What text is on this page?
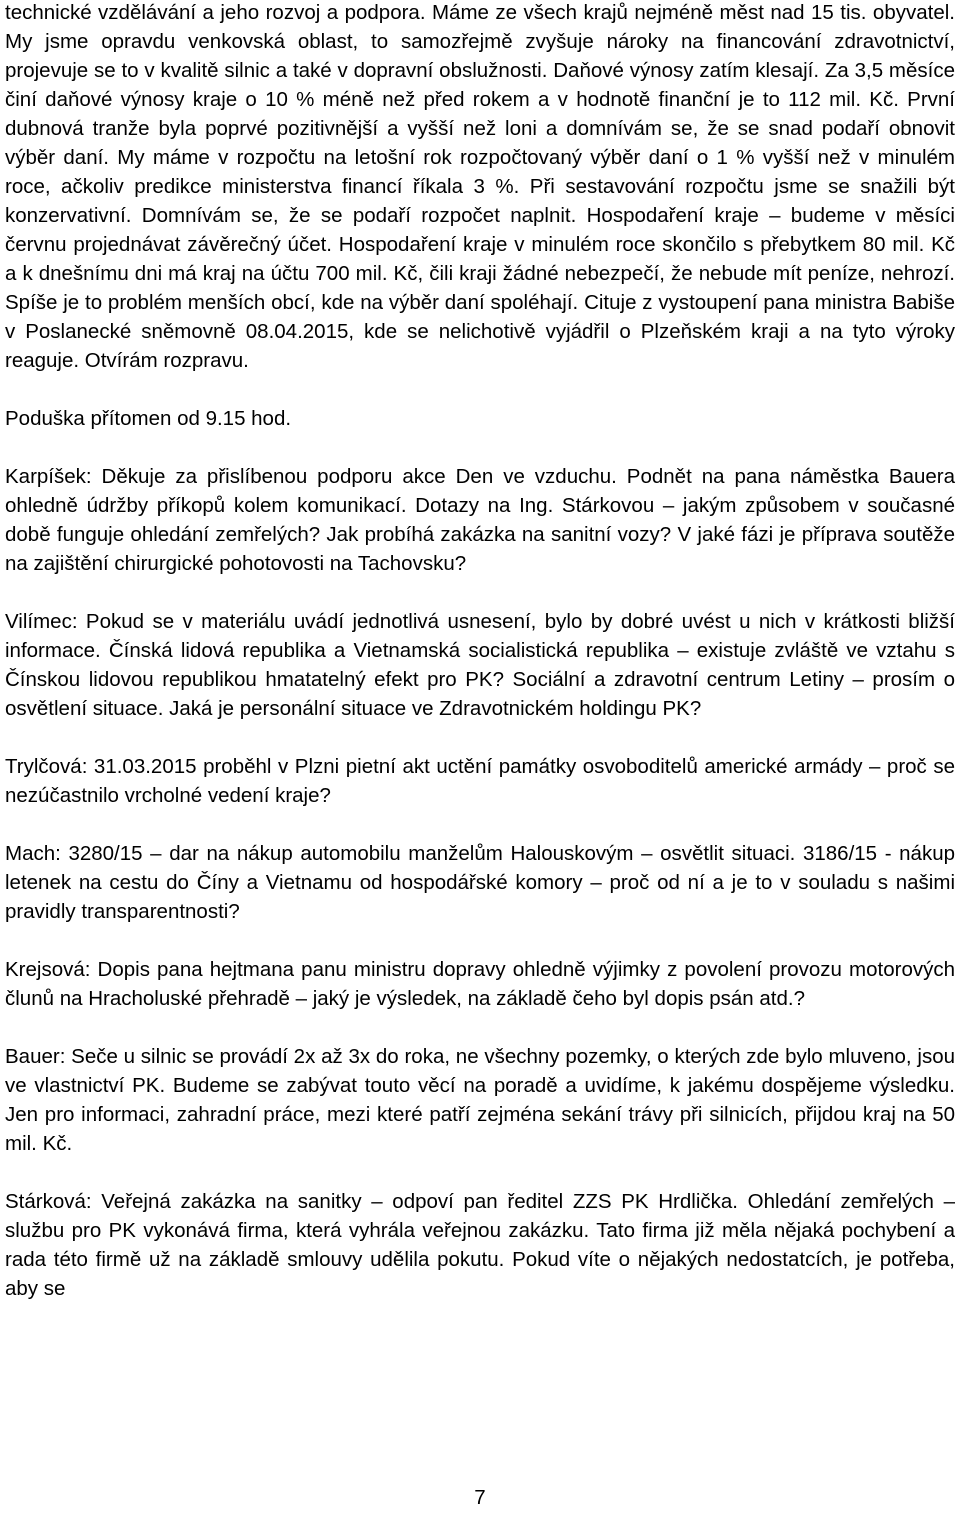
technické vzdělávání a jeho rozvoj a podpora. Máme ze všech krajů nejméně měst nad 15 tis. obyvatel. My jsme opravdu venkovská oblast, to samozřejmě zvyšuje nároky na financování zdravotnictví, projevuje se to v kvalitě silnic a také v dopravní obslužnosti. Daňové výnosy zatím klesají. Za 3,5 měsíce činí daňové výnosy kraje o 10 % méně než před rokem a v hodnotě finanční je to 112 mil. Kč. První dubnová tranže byla poprvé pozitivnější a vyšší než loni a domnívám se, že se snad podaří obnovit výběr daní. My máme v rozpočtu na letošní rok rozpočtovaný výběr daní o 1 % vyšší než v minulém roce, ačkoliv predikce ministerstva financí říkala 3 %. Při sestavování rozpočtu jsme se snažili být konzervativní. Domnívám se, že se podaří rozpočet naplnit. Hospodaření kraje – budeme v měsíci červnu projednávat závěrečný účet. Hospodaření kraje v minulém roce skončilo s přebytkem 80 mil. Kč a k dnešnímu dni má kraj na účtu 700 mil. Kč, čili kraji žádné nebezpečí, že nebude mít peníze, nehrozí. Spíše je to problém menších obcí, kde na výběr daní spoléhají. Cituje z vystoupení pana ministra Babiše v Poslanecké sněmovně 08.04.2015, kde se nelichotivě vyjádřil o Plzeňském kraji a na tyto výroky reaguje. Otvírám rozpravu.

Poduška přítomen od 9.15 hod.

Karpíšek: Děkuje za přislíbenou podporu akce Den ve vzduchu. Podnět na pana náměstka Bauera ohledně údržby příkopů kolem komunikací. Dotazy na Ing. Stárkovou – jakým způsobem v současné době funguje ohledání zemřelých? Jak probíhá zakázka na sanitní vozy? V jaké fázi je příprava soutěže na zajištění chirurgické pohotovosti na Tachovsku?

Vilímec: Pokud se v materiálu uvádí jednotlivá usnesení, bylo by dobré uvést u nich v krátkosti bližší informace. Čínská lidová republika a Vietnamská socialistická republika – existuje zvláště ve vztahu s Čínskou lidovou republikou hmatatelný efekt pro PK? Sociální a zdravotní centrum Letiny – prosím o osvětlení situace. Jaká je personální situace ve Zdravotnickém holdingu PK?

Trylčová: 31.03.2015 proběhl v Plzni pietní akt uctění památky osvoboditelů americké armády – proč se nezúčastnilo vrcholné vedení kraje?

Mach: 3280/15 – dar na nákup automobilu manželům Halouskovým – osvětlit situaci. 3186/15 - nákup letenek na cestu do Číny a Vietnamu od hospodářské komory – proč od ní a je to v souladu s našimi pravidly transparentnosti?

Krejsová: Dopis pana hejtmana panu ministru dopravy ohledně výjimky z povolení provozu motorových člunů na Hracholuské přehradě – jaký je výsledek, na základě čeho byl dopis psán atd.?

Bauer: Seče u silnic se provádí 2x až 3x do roka, ne všechny pozemky, o kterých zde bylo mluveno, jsou ve vlastnictví PK. Budeme se zabývat touto věcí na poradě a uvidíme, k jakému dospějeme výsledku. Jen pro informaci, zahradní práce, mezi které patří zejména sekání trávy při silnicích, přijdou kraj na 50 mil. Kč.

Stárková: Veřejná zakázka na sanitky – odpoví pan ředitel ZZS PK Hrdlička. Ohledání zemřelých – službu pro PK vykonává firma, která vyhrála veřejnou zakázku. Tato firma již měla nějaká pochybení a rada této firmě už na základě smlouvy udělila pokutu. Pokud víte o nějakých nedostatcích, je potřeba, aby se

7
